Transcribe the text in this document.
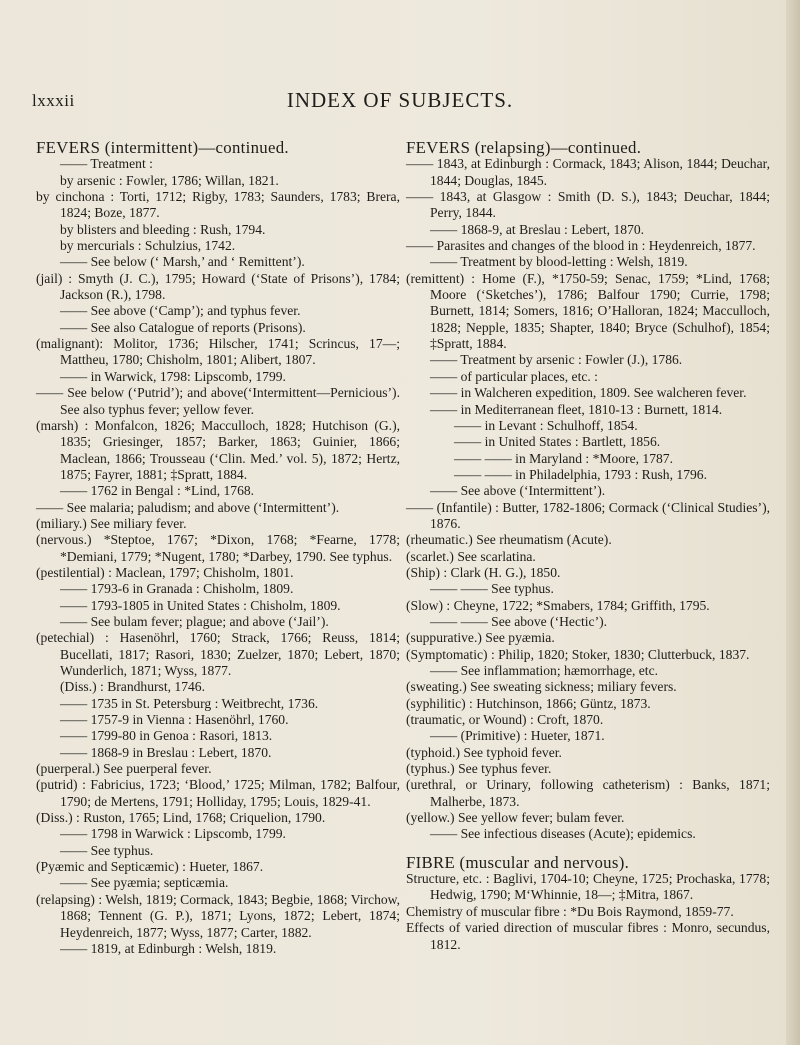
lxxxii	INDEX OF SUBJECTS.

FEVERS (intermittent)—continued.

—— Treatment :

by arsenic : Fowler, 1786; Willan, 1821.

by cinchona : Torti, 1712; Rigby, 1783; Saunders, 1783; Brera, 1824; Boze, 1877.

by blisters and bleeding : Rush, 1794.

by mercurials : Schulzius, 1742.

—— See below (‘ Marsh,’ and ‘ Remittent’).

(jail) : Smyth (J. C.), 1795; Howard (‘State of Prisons’), 1784; Jackson (R.), 1798.

—— See above (‘Camp’); and typhus fever.

—— See also Catalogue of reports (Prisons).

(malignant): Molitor, 1736; Hilscher, 1741; Scrincus, 17—; Mattheu, 1780; Chisholm, 1801; Alibert, 1807.

—— in Warwick, 1798: Lipscomb, 1799.

—— See below (‘Putrid’); and above(‘Intermittent—Pernicious’). See also typhus fever; yellow fever.

(marsh) : Monfalcon, 1826; Macculloch, 1828; Hutchison (G.), 1835; Griesinger, 1857; Barker, 1863; Guinier, 1866; Maclean, 1866; Trousseau (‘Clin. Med.’ vol. 5), 1872; Hertz, 1875; Fayrer, 1881; ‡Spratt, 1884.

—— 1762 in Bengal : *Lind, 1768.

—— See malaria; paludism; and above (‘Intermittent’).

(miliary.) See miliary fever.

(nervous.) *Steptoe, 1767; *Dixon, 1768; *Fearne, 1778; *Demiani, 1779; *Nugent, 1780; *Darbey, 1790. See typhus.

(pestilential) : Maclean, 1797; Chisholm, 1801.

—— 1793-6 in Granada : Chisholm, 1809.

—— 1793-1805 in United States : Chisholm, 1809.

—— See bulam fever; plague; and above (‘Jail’).

(petechial) : Hasenöhrl, 1760; Strack, 1766; Reuss, 1814; Bucellati, 1817; Rasori, 1830; Zuelzer, 1870; Lebert, 1870; Wunderlich, 1871; Wyss, 1877.

(Diss.) : Brandhurst, 1746.

—— 1735 in St. Petersburg : Weitbrecht, 1736.

—— 1757-9 in Vienna : Hasenöhrl, 1760.

—— 1799-80 in Genoa : Rasori, 1813.

—— 1868-9 in Breslau : Lebert, 1870.

(puerperal.) See puerperal fever.

(putrid) : Fabricius, 1723; ‘Blood,’ 1725; Milman, 1782; Balfour, 1790; de Mertens, 1791; Holliday, 1795; Louis, 1829-41.

(Diss.) : Ruston, 1765; Lind, 1768; Criquelion, 1790.

—— 1798 in Warwick : Lipscomb, 1799.

—— See typhus.

(Pyæmic and Septicæmic) : Hueter, 1867.

—— See pyæmia; septicæmia.

(relapsing) : Welsh, 1819; Cormack, 1843; Begbie, 1868; Virchow, 1868; Tennent (G. P.), 1871; Lyons, 1872; Lebert, 1874; Heydenreich, 1877; Wyss, 1877; Carter, 1882.

—— 1819, at Edinburgh : Welsh, 1819.

FEVERS (relapsing)—continued.

—— 1843, at Edinburgh : Cormack, 1843; Alison, 1844; Deuchar, 1844; Douglas, 1845.

—— 1843, at Glasgow : Smith (D. S.), 1843; Deuchar, 1844; Perry, 1844.

—— 1868-9, at Breslau : Lebert, 1870.

—— Parasites and changes of the blood in : Heydenreich, 1877.

—— Treatment by blood-letting : Welsh, 1819.

(remittent) : Home (F.), *1750-59; Senac, 1759; *Lind, 1768; Moore (‘Sketches’), 1786; Balfour 1790; Currie, 1798; Burnett, 1814; Somers, 1816; O’Halloran, 1824; Macculloch, 1828; Nepple, 1835; Shapter, 1840; Bryce (Schulhof), 1854; ‡Spratt, 1884.

—— Treatment by arsenic : Fowler (J.), 1786.

—— of particular places, etc. :

—— in Walcheren expedition, 1809. See walcheren fever.

—— in Mediterranean fleet, 1810-13 : Burnett, 1814.

—— in Levant : Schulhoff, 1854.

—— in United States : Bartlett, 1856.

—— —— in Maryland : *Moore, 1787.

—— —— in Philadelphia, 1793 : Rush, 1796.

—— See above (‘Intermittent’).

—— (Infantile) : Butter, 1782-1806; Cormack (‘Clinical Studies’), 1876.

(rheumatic.) See rheumatism (Acute).

(scarlet.) See scarlatina.

(Ship) : Clark (H. G.), 1850.

—— —— See typhus.

(Slow) : Cheyne, 1722; *Smabers, 1784; Griffith, 1795.

—— —— See above (‘Hectic’).

(suppurative.) See pyæmia.

(Symptomatic) : Philip, 1820; Stoker, 1830; Clutterbuck, 1837.

—— See inflammation; hæmorrhage, etc.

(sweating.) See sweating sickness; miliary fevers.

(syphilitic) : Hutchinson, 1866; Güntz, 1873.

(traumatic, or Wound) : Croft, 1870.

—— (Primitive) : Hueter, 1871.

(typhoid.) See typhoid fever.

(typhus.) See typhus fever.

(urethral, or Urinary, following catheterism) : Banks, 1871; Malherbe, 1873.

(yellow.) See yellow fever; bulam fever.

—— See infectious diseases (Acute); epidemics.

FIBRE (muscular and nervous).

Structure, etc. : Baglivi, 1704-10; Cheyne, 1725; Prochaska, 1778; Hedwig, 1790; M‘Whinnie, 18—; ‡Mitra, 1867.

Chemistry of muscular fibre : *Du Bois Raymond, 1859-77.

Effects of varied direction of muscular fibres : Monro, secundus, 1812.
